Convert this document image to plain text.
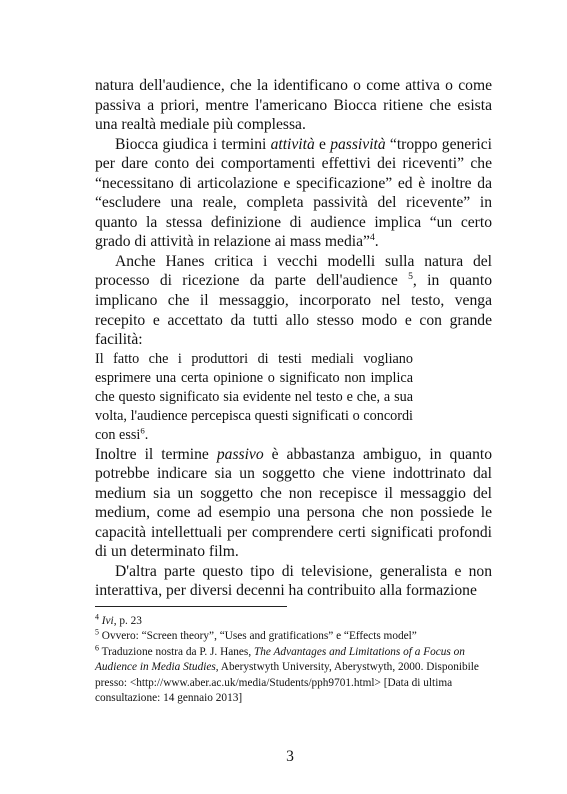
natura dell'audience, che la identificano o come attiva o come passiva a priori, mentre l'americano Biocca ritiene che esista una realtà mediale più complessa.

Biocca giudica i termini attività e passività “troppo generici per dare conto dei comportamenti effettivi dei riceventi” che “necessitano di articolazione e specificazione” ed è inoltre da “escludere una reale, completa passività del ricevente” in quanto la stessa definizione di audience implica “un certo grado di attività in relazione ai mass media”$^4$.

Anche Hanes critica i vecchi modelli sulla natura del processo di ricezione da parte dell'audience $^5$, in quanto implicano che il messaggio, incorporato nel testo, venga recepito e accettato da tutti allo stesso modo e con grande facilità:

Il fatto che i produttori di testi mediali vogliano esprimere una certa opinione o significato non implica che questo significato sia evidente nel testo e che, a sua volta, l'audience percepisca questi significati o concordi con essi$^6$.

Inoltre il termine passivo è abbastanza ambiguo, in quanto potrebbe indicare sia un soggetto che viene indottrinato dal medium sia un soggetto che non recepisce il messaggio del medium, come ad esempio una persona che non possiede le capacità intellettuali per comprendere certi significati profondi di un determinato film.

D'altra parte questo tipo di televisione, generalista e non interattiva, per diversi decenni ha contribuito alla formazione

$^4$ Ivi, p. 23

$^5$ Ovvero: “Screen theory”, “Uses and gratifications” e “Effects model”

$^6$ Traduzione nostra da P. J. Hanes, The Advantages and Limitations of a Focus on Audience in Media Studies, Aberystwyth University, Aberystwyth, 2000. Disponibile presso: <http://www.aber.ac.uk/media/Students/pph9701.html> [Data di ultima consultazione: 14 gennaio 2013]

3
